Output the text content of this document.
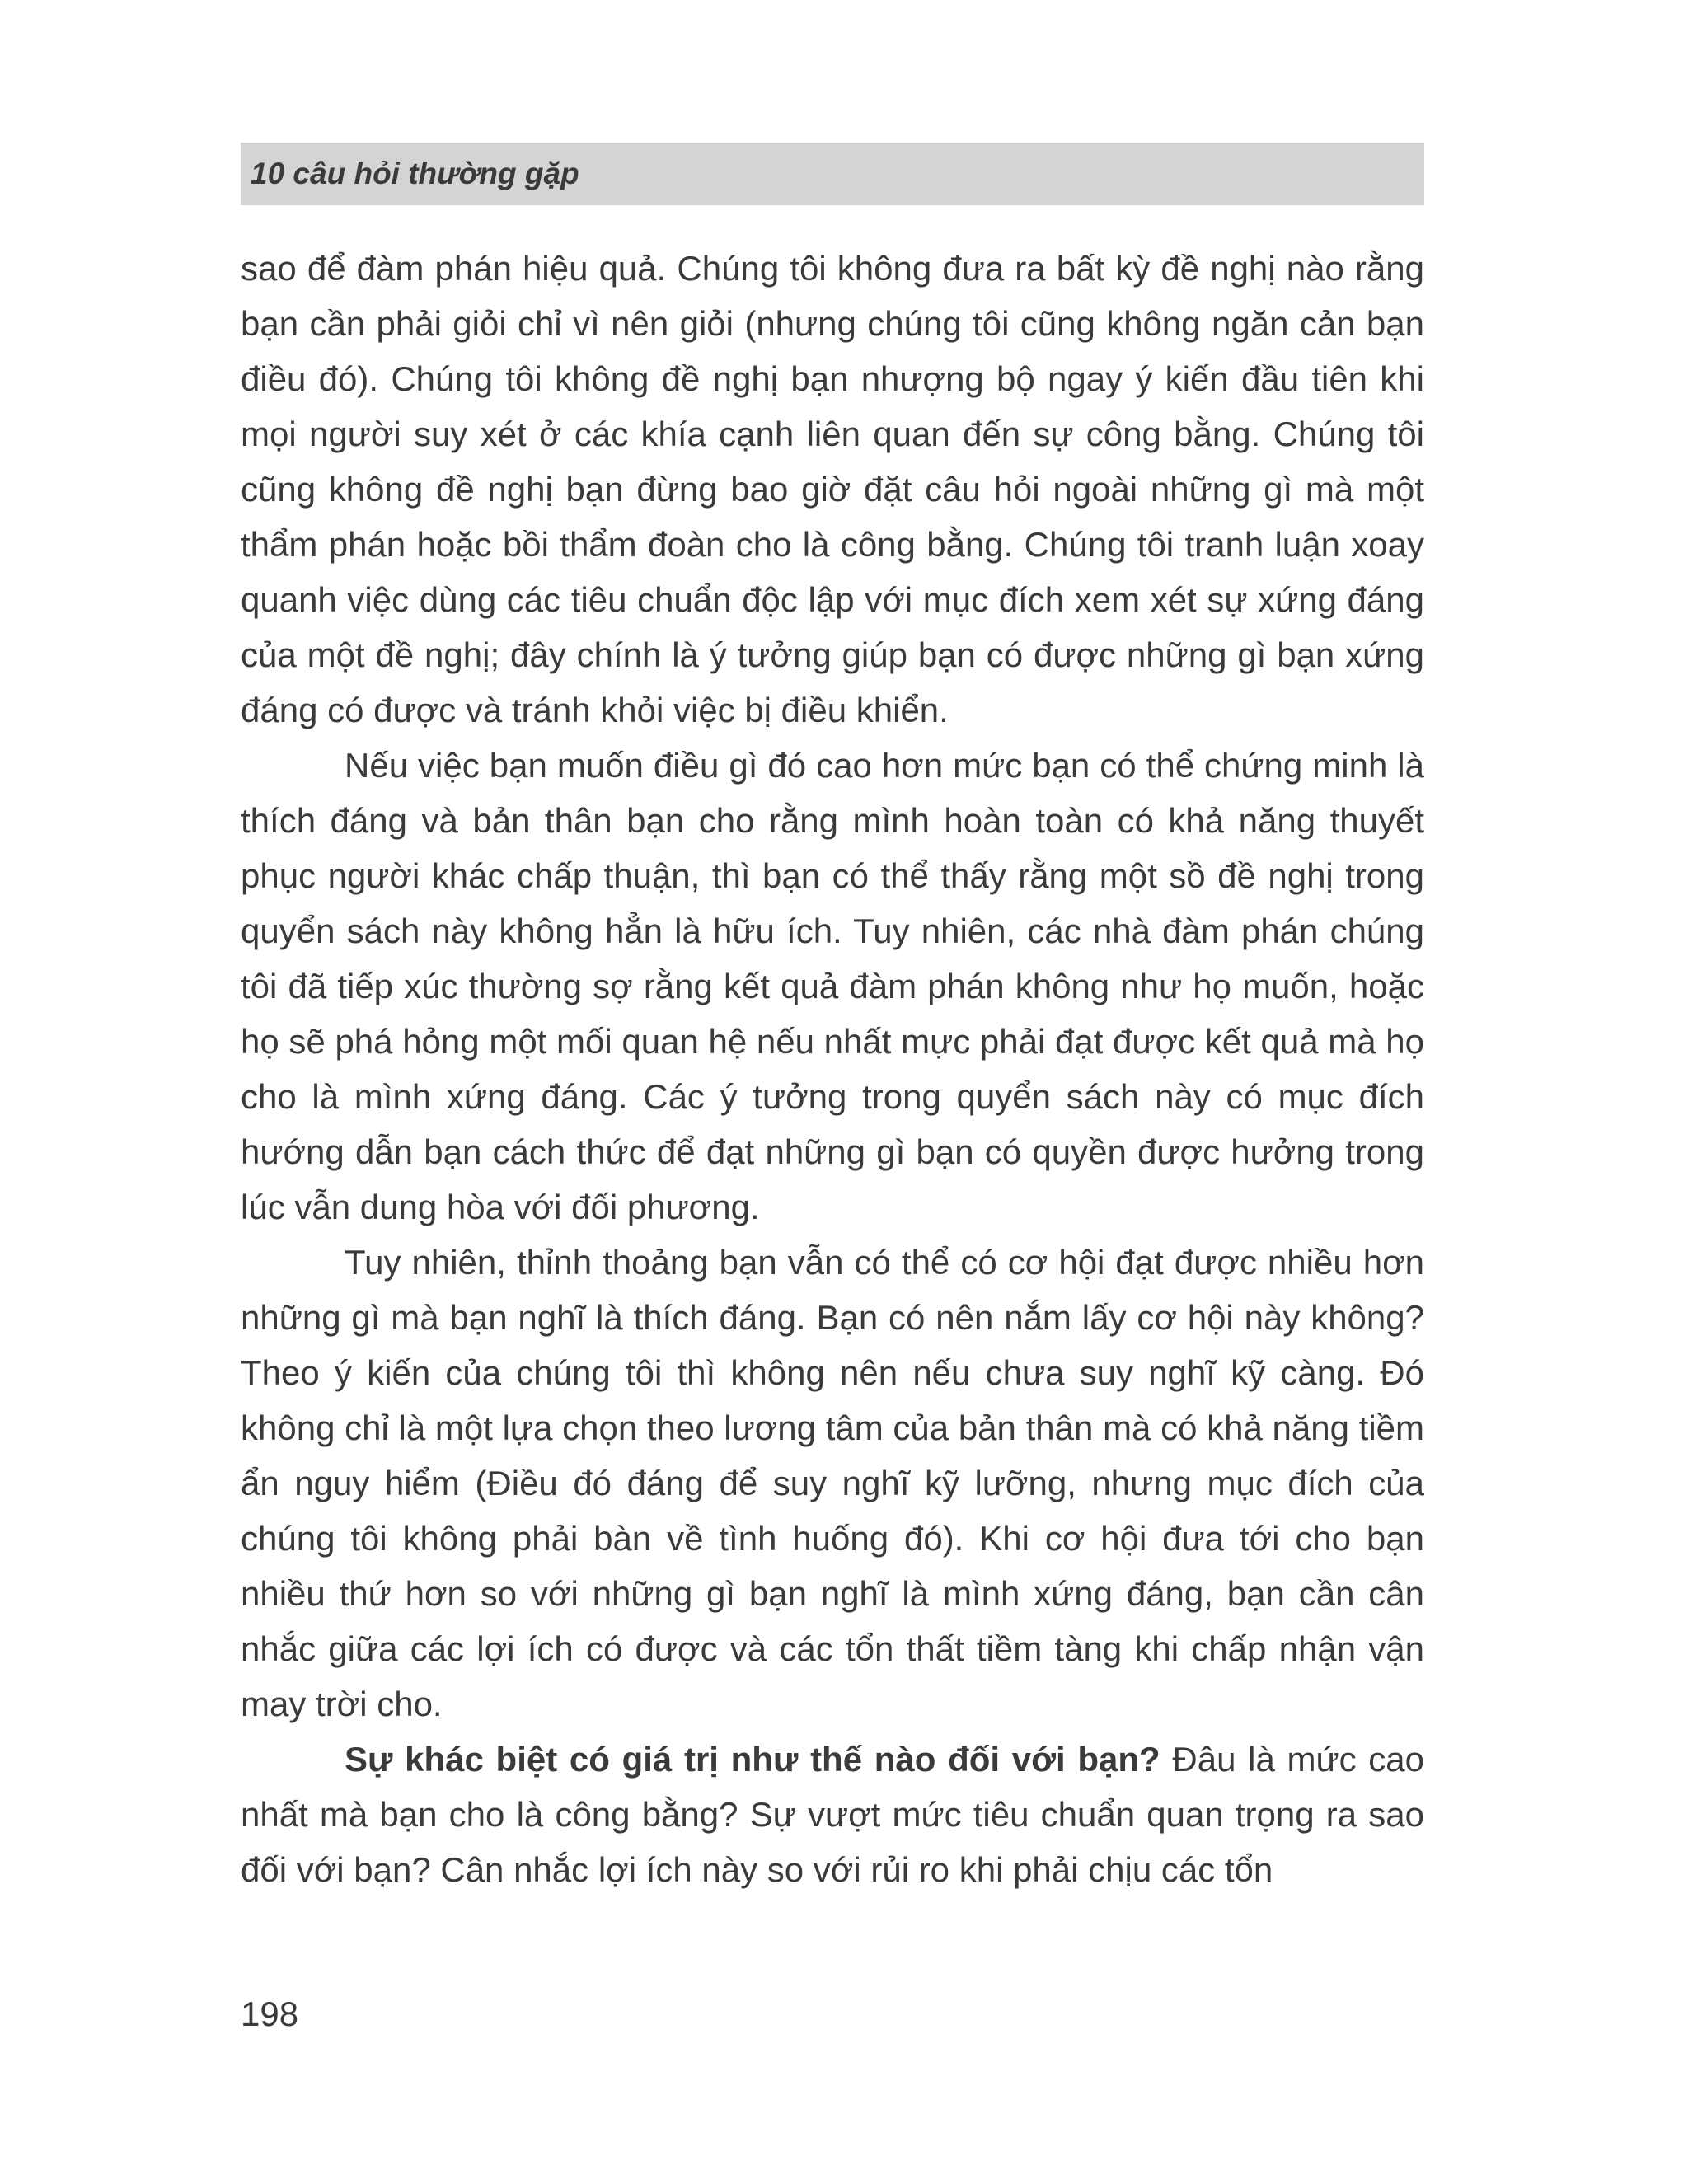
10 câu hỏi thường gặp

sao để đàm phán hiệu quả. Chúng tôi không đưa ra bất kỳ đề nghị nào rằng bạn cần phải giỏi chỉ vì nên giỏi (nhưng chúng tôi cũng không ngăn cản bạn điều đó). Chúng tôi không đề nghị bạn nhượng bộ ngay ý kiến đầu tiên khi mọi người suy xét ở các khía cạnh liên quan đến sự công bằng. Chúng tôi cũng không đề nghị bạn đừng bao giờ đặt câu hỏi ngoài những gì mà một thẩm phán hoặc bồi thẩm đoàn cho là công bằng. Chúng tôi tranh luận xoay quanh việc dùng các tiêu chuẩn độc lập với mục đích xem xét sự xứng đáng của một đề nghị; đây chính là ý tưởng giúp bạn có được những gì bạn xứng đáng có được và tránh khỏi việc bị điều khiển.

Nếu việc bạn muốn điều gì đó cao hơn mức bạn có thể chứng minh là thích đáng và bản thân bạn cho rằng mình hoàn toàn có khả năng thuyết phục người khác chấp thuận, thì bạn có thể thấy rằng một sồ đề nghị trong quyển sách này không hẳn là hữu ích. Tuy nhiên, các nhà đàm phán chúng tôi đã tiếp xúc thường sợ rằng kết quả đàm phán không như họ muốn, hoặc họ sẽ phá hỏng một mối quan hệ nếu nhất mực phải đạt được kết quả mà họ cho là mình xứng đáng. Các ý tưởng trong quyển sách này có mục đích hướng dẫn bạn cách thức để đạt những gì bạn có quyền được hưởng trong lúc vẫn dung hòa với đối phương.

Tuy nhiên, thỉnh thoảng bạn vẫn có thể có cơ hội đạt được nhiều hơn những gì mà bạn nghĩ là thích đáng. Bạn có nên nắm lấy cơ hội này không? Theo ý kiến của chúng tôi thì không nên nếu chưa suy nghĩ kỹ càng. Đó không chỉ là một lựa chọn theo lương tâm của bản thân mà có khả năng tiềm ẩn nguy hiểm (Điều đó đáng để suy nghĩ kỹ lưỡng, nhưng mục đích của chúng tôi không phải bàn về tình huống đó). Khi cơ hội đưa tới cho bạn nhiều thứ hơn so với những gì bạn nghĩ là mình xứng đáng, bạn cần cân nhắc giữa các lợi ích có được và các tổn thất tiềm tàng khi chấp nhận vận may trời cho.

Sự khác biệt có giá trị như thế nào đối với bạn? Đâu là mức cao nhất mà bạn cho là công bằng? Sự vượt mức tiêu chuẩn quan trọng ra sao đối với bạn? Cân nhắc lợi ích này so với rủi ro khi phải chịu các tổn

198
